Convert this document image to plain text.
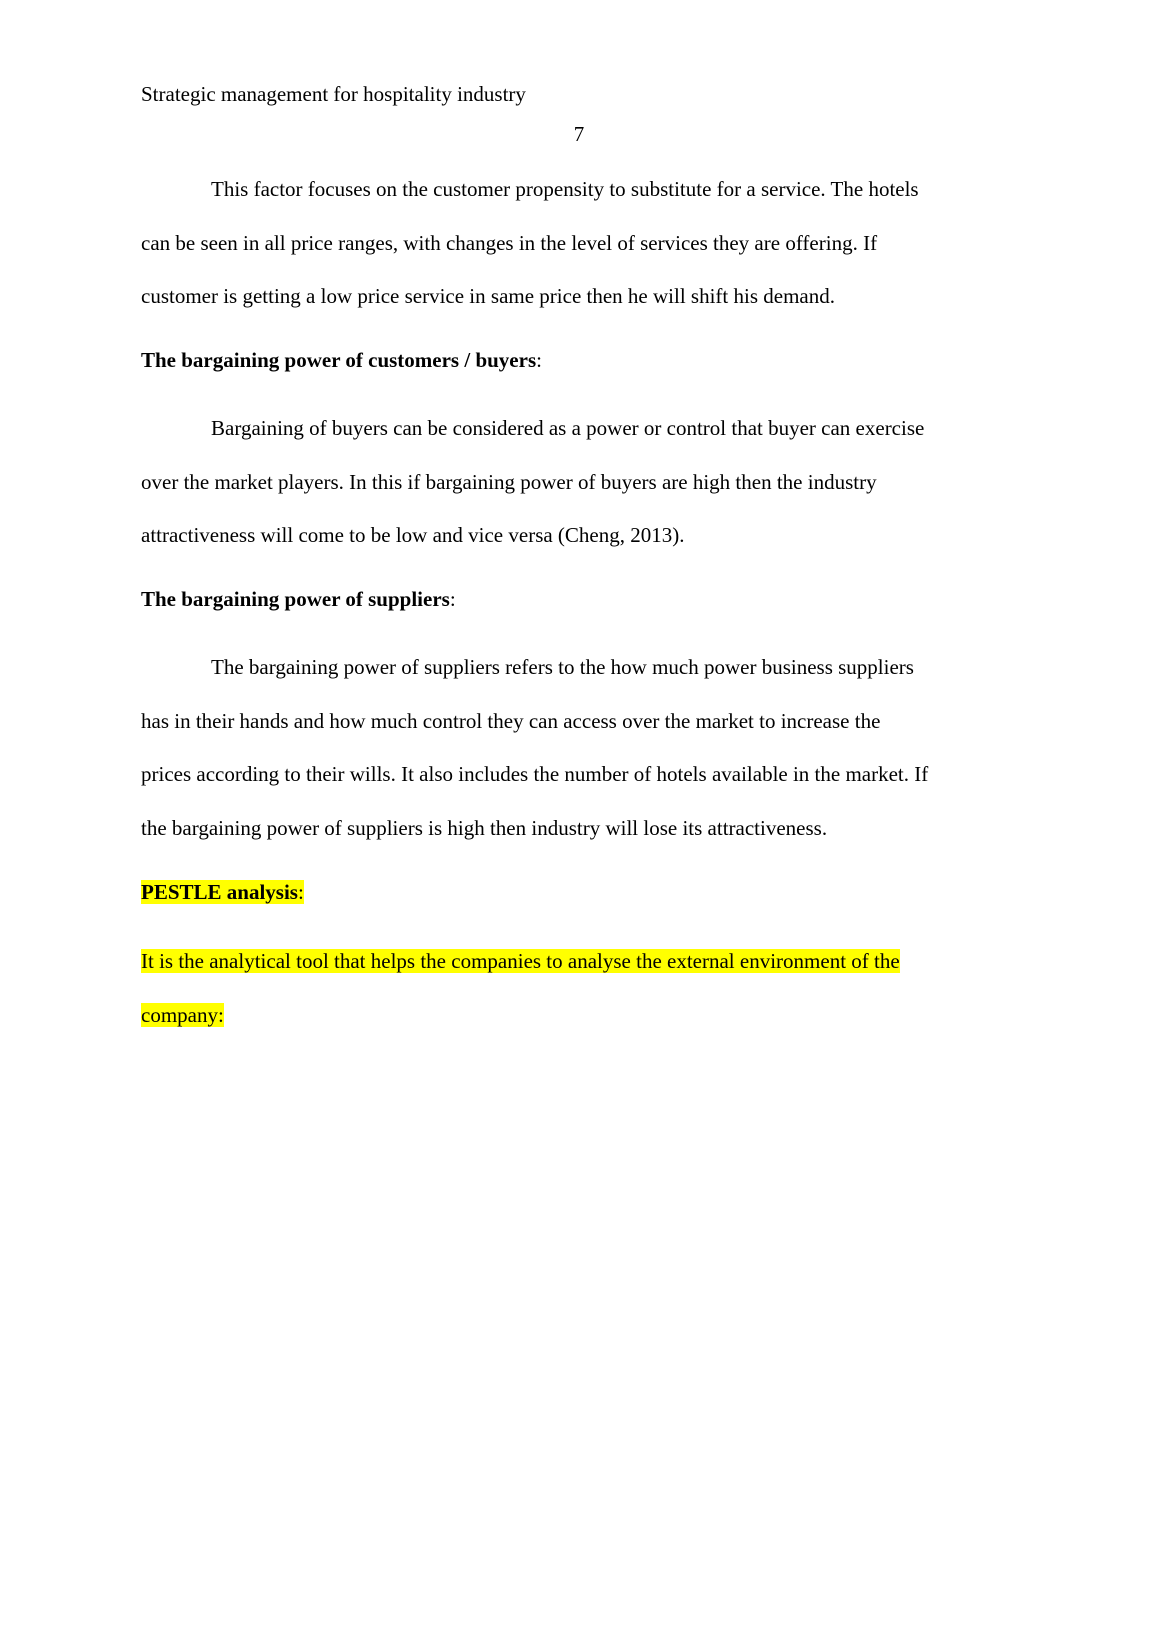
Strategic management for hospitality industry
7
This factor focuses on the customer propensity to substitute for a service. The hotels
can be seen in all price ranges, with changes in the level of services they are offering. If
customer is getting a low price service in same price then he will shift his demand.

The bargaining power of customers / buyers:

Bargaining of buyers can be considered as a power or control that buyer can exercise
over the market players. In this if bargaining power of buyers are high then the industry
attractiveness will come to be low and vice versa (Cheng, 2013).

The bargaining power of suppliers:

The bargaining power of suppliers refers to the how much power business suppliers
has in their hands and how much control they can access over the market to increase the
prices according to their wills. It also includes the number of hotels available in the market. If
the bargaining power of suppliers is high then industry will lose its attractiveness.

PESTLE analysis:

It is the analytical tool that helps the companies to analyse the external environment of the
company:
